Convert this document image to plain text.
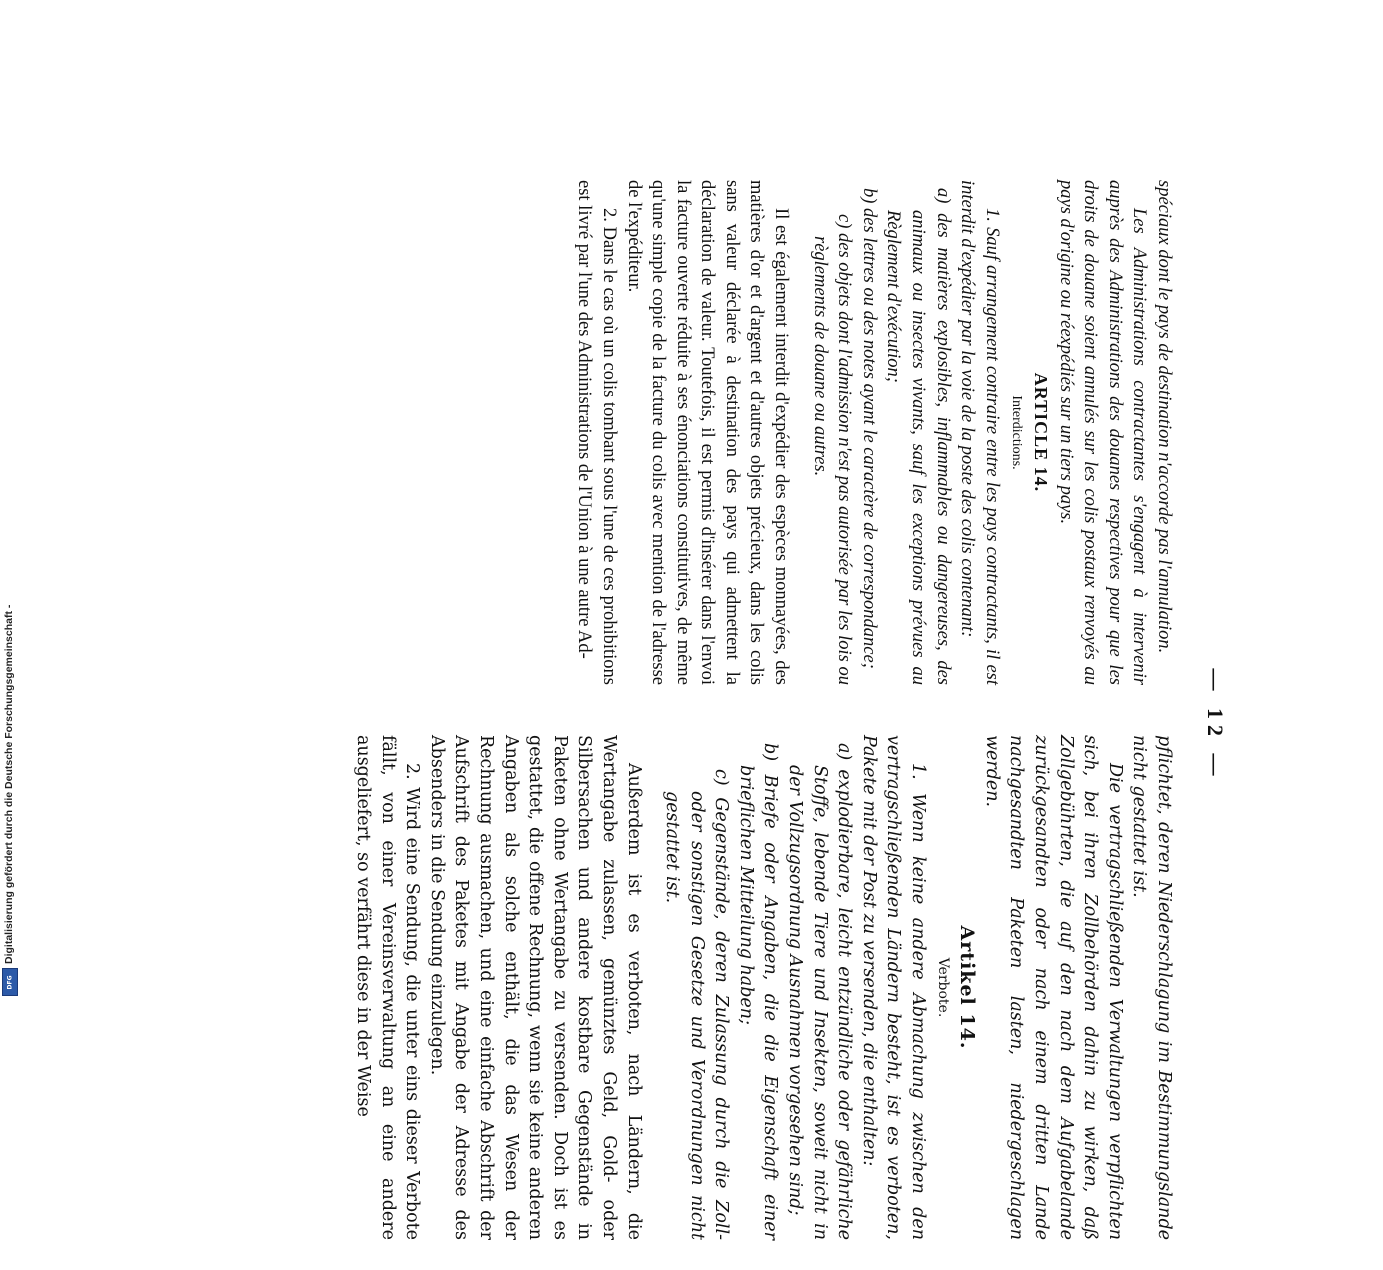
Digitalisierung gefördert durch die Deutsche Forschungsgemeinschaft -
DFG
— 12 —

spéciaux dont le pays de destination n'accorde pas l'annulation.

Les Administrations contractantes s'engagent à intervenir auprès des Administrations des douanes respectives pour que les droits de douane soient annulés sur les colis postaux renvoyés au pays d'origine ou réexpédiés sur un tiers pays.

ARTICLE 14.

Interdictions.

1. Sauf arrangement contraire entre les pays contractants, il est interdit d'expédier par la voie de la poste des colis contenant:

a) des matières explosibles, inflammables ou dangereuses, des animaux ou insectes vivants, sauf les exceptions prévues au Règlement d'exécution;

b) des lettres ou des notes ayant le caractère de correspondance;

c) des objets dont l'admission n'est pas autorisée par les lois ou règlements de douane ou autres.

Il est également interdit d'expédier des espèces monnayées, des matières d'or et d'argent et d'autres objets précieux, dans les colis sans valeur déclarée à destination des pays qui admettent la déclaration de valeur. Toutefois, il est permis d'insérer dans l'envoi la facture ouverte réduite à ses énonciations constitutives, de même qu'une simple copie de la facture du colis avec mention de l'adresse de l'expéditeur.

2. Dans le cas où un colis tombant sous l'une de ces prohibitions est livré par l'une des Administrations de l'Union à une autre Ad-

pflichtet, deren Niederschlagung im Bestimmungslande nicht gestattet ist.

Die vertragschließenden Verwaltungen verpflichten sich, bei ihren Zollbehörden dahin zu wirken, daß Zollgebührten, die auf den nach dem Aufgabelande zurückgesandten oder nach einem dritten Lande nachgesandten Paketen lasten, niedergeschlagen werden.

Artikel 14.

Verbote.

1. Wenn keine andere Abmachung zwischen den vertragschließenden Ländern besteht, ist es verboten, Pakete mit der Post zu versenden, die enthalten:

a) explodierbare, leicht entzündliche oder gefährliche Stoffe, lebende Tiere und Insekten, soweit nicht in der Vollzugsordnung Ausnahmen vorgesehen sind;

b) Briefe oder Angaben, die die Eigenschaft einer brieflichen Mitteilung haben;

c) Gegenstände, deren Zulassung durch die Zoll- oder sonstigen Gesetze und Verordnungen nicht gestattet ist.

Außerdem ist es verboten, nach Ländern, die Wertangabe zulassen, gemünztes Geld, Gold- oder Silbersachen und andere kostbare Gegenstände in Paketen ohne Wertangabe zu versenden. Doch ist es gestattet, die offene Rechnung, wenn sie keine anderen Angaben als solche enthält, die das Wesen der Rechnung ausmachen, und eine einfache Abschrift der Aufschrift des Paketes mit Angabe der Adresse des Absenders in die Sendung einzulegen.

2. Wird eine Sendung, die unter eins dieser Verbote fällt, von einer Vereinsverwaltung an eine andere ausgeliefert, so verfährt diese in der Weise
